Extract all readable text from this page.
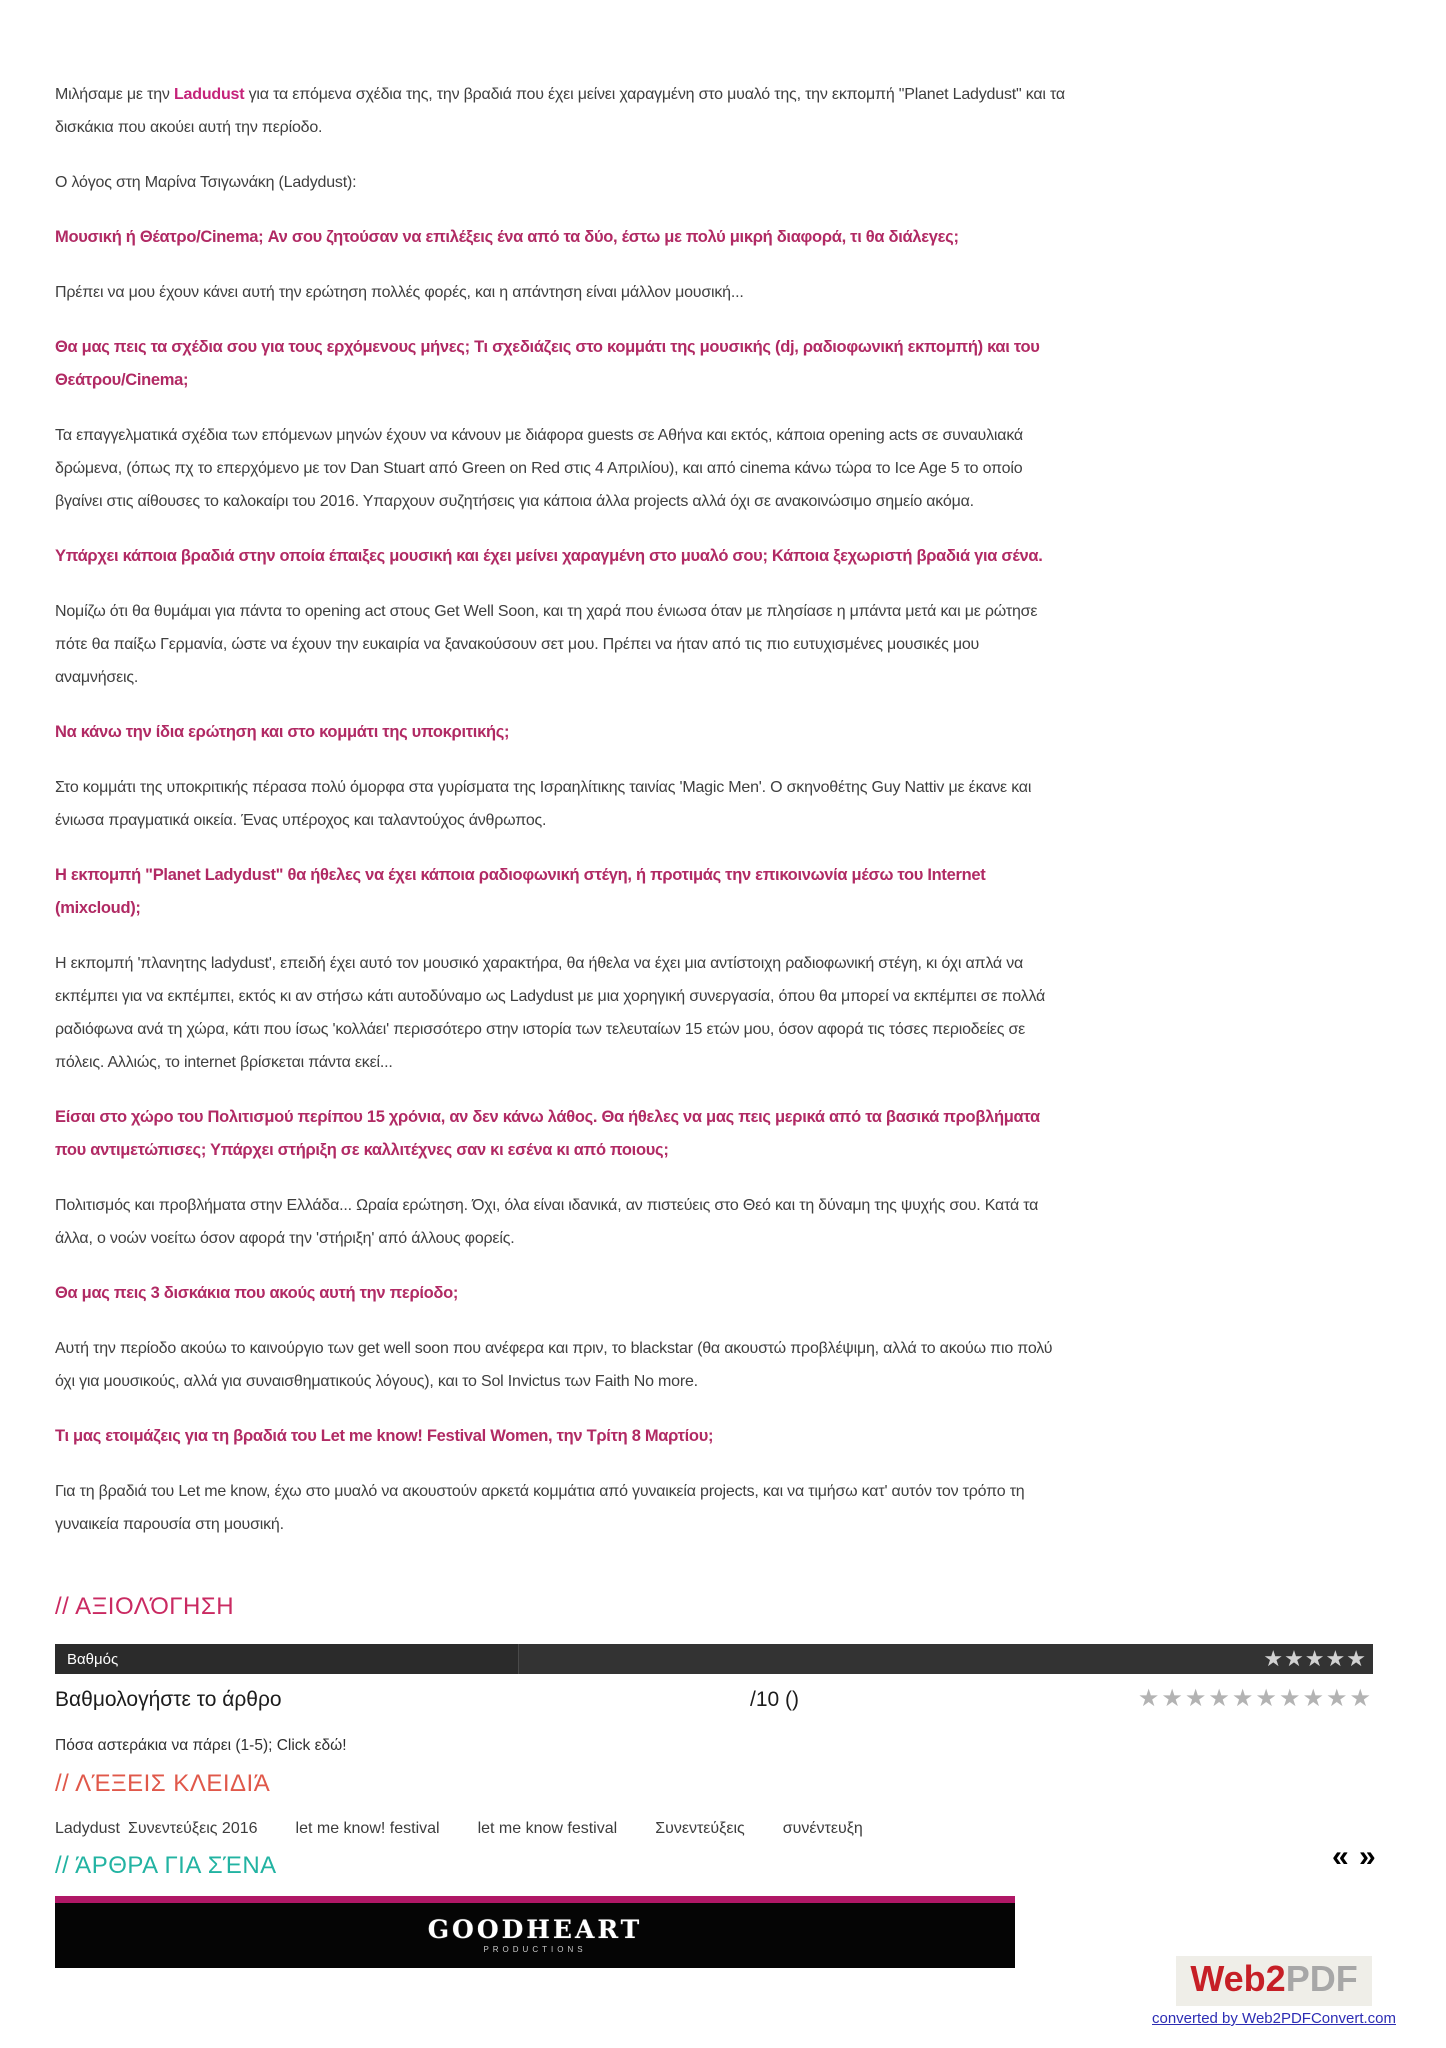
Μιλήσαμε με την Ladudust για τα επόμενα σχέδια της, την βραδιά που έχει μείνει χαραγμένη στο μυαλό της, την εκπομπή "Planet Ladydust" και τα δισκάκια που ακούει αυτή την περίοδο.

Ο λόγος στη Μαρίνα Τσιγωνάκη (Ladydust):

Μουσική ή Θέατρο/Cinema; Αν σου ζητούσαν να επιλέξεις ένα από τα δύο, έστω με πολύ μικρή διαφορά, τι θα διάλεγες;

Πρέπει να μου έχουν κάνει αυτή την ερώτηση πολλές φορές, και η απάντηση είναι μάλλον μουσική...

Θα μας πεις τα σχέδια σου για τους ερχόμενους μήνες; Τι σχεδιάζεις στο κομμάτι της μουσικής (dj, ραδιοφωνική εκπομπή) και του Θεάτρου/Cinema;

Τα επαγγελματικά σχέδια των επόμενων μηνών έχουν να κάνουν με διάφορα guests σε Αθήνα και εκτός, κάποια opening acts σε συναυλιακά δρώμενα, (όπως πχ το επερχόμενο με τον Dan Stuart από Green on Red στις 4 Απριλίου), και από cinema κάνω τώρα το Ice Age 5 το οποίο βγαίνει στις αίθουσες το καλοκαίρι του 2016. Υπαρχουν συζητήσεις για κάποια άλλα projects αλλά όχι σε ανακοινώσιμο σημείο ακόμα.

Υπάρχει κάποια βραδιά στην οποία έπαιξες μουσική και έχει μείνει χαραγμένη στο μυαλό σου; Κάποια ξεχωριστή βραδιά για σένα.

Νομίζω ότι θα θυμάμαι για πάντα το opening act στους Get Well Soon, και τη χαρά που ένιωσα όταν με πλησίασε η μπάντα μετά και με ρώτησε πότε θα παίξω Γερμανία, ώστε να έχουν την ευκαιρία να ξανακούσουν σετ μου. Πρέπει να ήταν από τις πιο ευτυχισμένες μουσικές μου αναμνήσεις.

Να κάνω την ίδια ερώτηση και στο κομμάτι της υποκριτικής;

Στο κομμάτι της υποκριτικής πέρασα πολύ όμορφα στα γυρίσματα της Ισραηλίτικης ταινίας 'Magic Men'. Ο σκηνοθέτης Guy Nattiv με έκανε και ένιωσα πραγματικά οικεία. Ένας υπέροχος και ταλαντούχος άνθρωπος.

Η εκπομπή "Planet Ladydust" θα ήθελες να έχει κάποια ραδιοφωνική στέγη, ή προτιμάς την επικοινωνία μέσω του Internet (mixcloud);

Η εκπομπή 'πλανητης ladydust', επειδή έχει αυτό τον μουσικό χαρακτήρα, θα ήθελα να έχει μια αντίστοιχη ραδιοφωνική στέγη, κι όχι απλά να εκπέμπει για να εκπέμπει, εκτός κι αν στήσω κάτι αυτοδύναμο ως Ladydust με μια χορηγική συνεργασία, όπου θα μπορεί να εκπέμπει σε πολλά ραδιόφωνα ανά τη χώρα, κάτι που ίσως 'κολλάει' περισσότερο στην ιστορία των τελευταίων 15 ετών μου, όσον αφορά τις τόσες περιοδείες σε πόλεις. Αλλιώς, το internet βρίσκεται πάντα εκεί...

Είσαι στο χώρο του Πολιτισμού περίπου 15 χρόνια, αν δεν κάνω λάθος. Θα ήθελες να μας πεις μερικά από τα βασικά προβλήματα που αντιμετώπισες; Υπάρχει στήριξη σε καλλιτέχνες σαν κι εσένα κι από ποιους;

Πολιτισμός και προβλήματα στην Ελλάδα... Ωραία ερώτηση. Όχι, όλα είναι ιδανικά, αν πιστεύεις στο Θεό και τη δύναμη της ψυχής σου. Κατά τα άλλα, ο νοών νοείτω όσον αφορά την 'στήριξη' από άλλους φορείς.

Θα μας πεις 3 δισκάκια που ακούς αυτή την περίοδο;

Αυτή την περίοδο ακούω το καινούργιο των get well soon που ανέφερα και πριν, το blackstar (θα ακουστώ προβλέψιμη, αλλά το ακούω πιο πολύ όχι για μουσικούς, αλλά για συναισθηματικούς λόγους), και το Sol Invictus των Faith No more.

Τι μας ετοιμάζεις για τη βραδιά του Let me know! Festival Women, την Τρίτη 8 Μαρτίου;

Για τη βραδιά του Let me know, έχω στο μυαλό να ακουστούν αρκετά κομμάτια από γυναικεία projects, και να τιμήσω κατ' αυτόν τον τρόπο τη γυναικεία παρουσία στη μουσική.

// ΑΞΙΟΛΌΓΗΣΗ
Βαθμός	★★★★★
Βαθμολογήστε το άρθρο	/10 ()	★★★★★★★★★★
Πόσα αστεράκια να πάρει (1-5); Click εδώ!
// ΛΈΞΕΙΣ ΚΛΕΙΔΙΆ
Ladydust Συνεντεύξεις 2016 let me know! festival let me know festival Συνεντεύξεις συνέντευξη
// ΆΡΘΡΑ ΓΙΑ ΣΈΝΑ	« »
GOODHEART
PRODUCTIONS
Web2PDF
converted by Web2PDFConvert.com
